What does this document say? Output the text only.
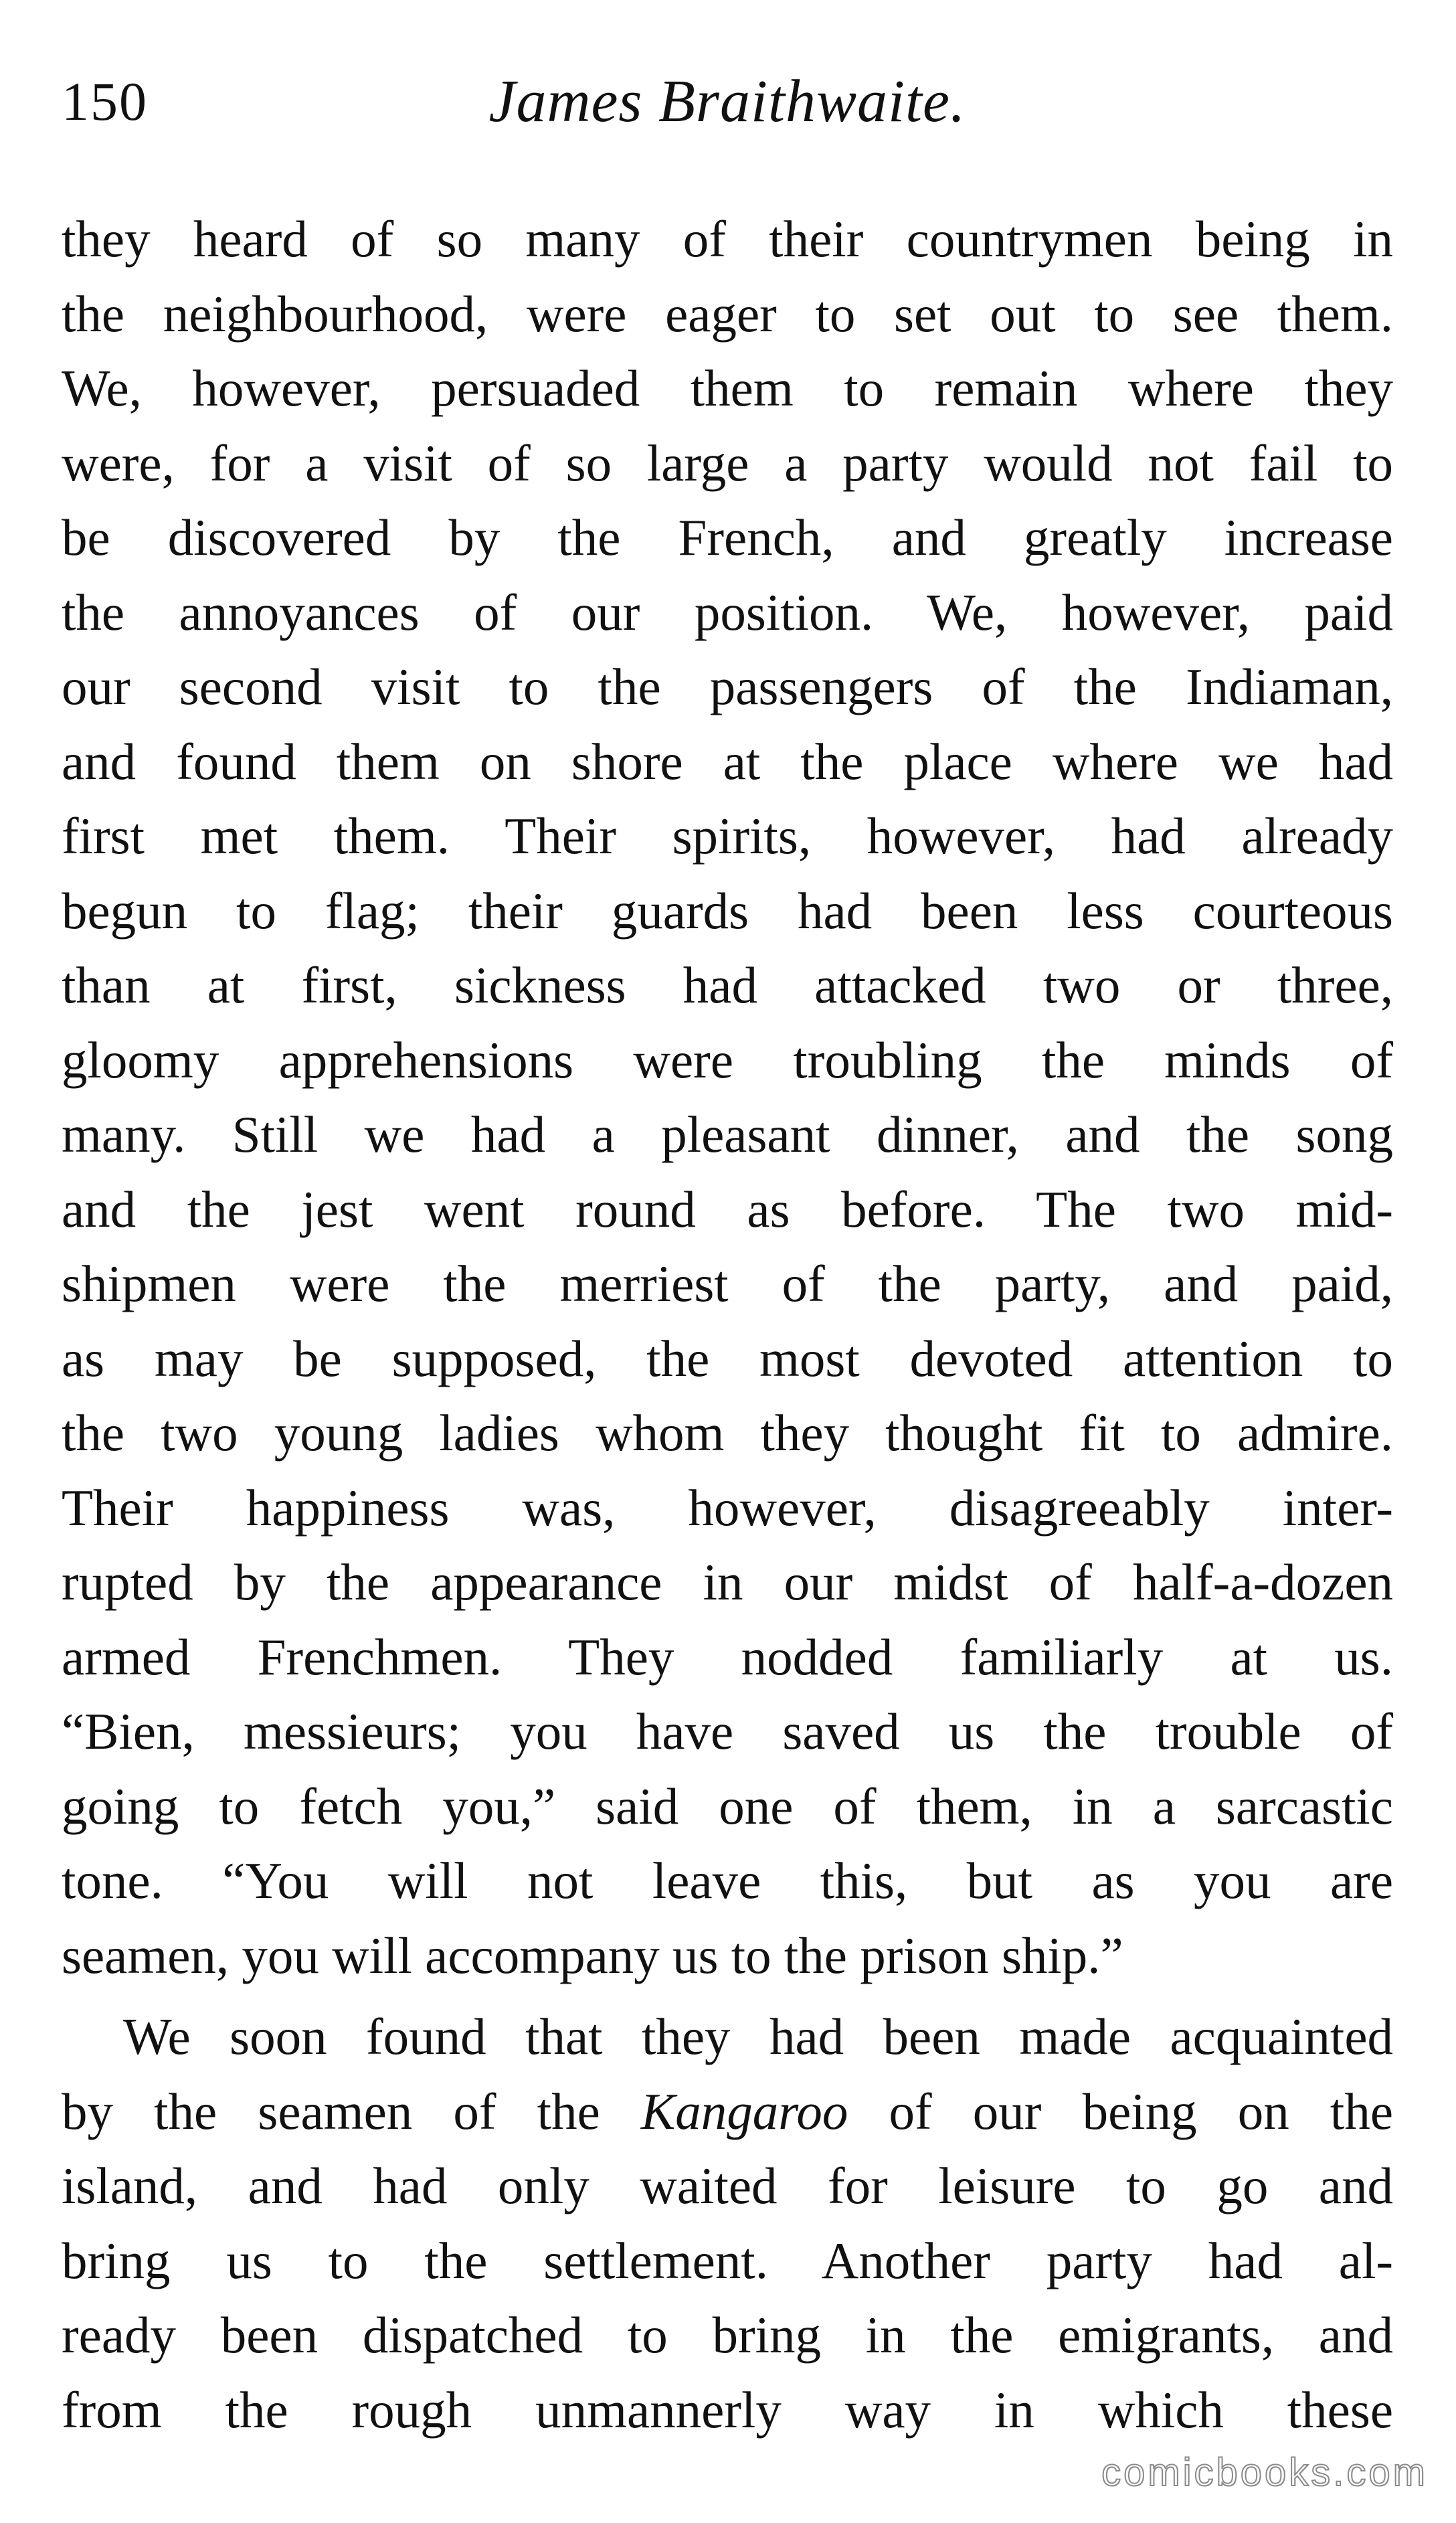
150	James Braithwaite.
they heard of so many of their countrymen being in
the neighbourhood, were eager to set out to see them.
We, however, persuaded them to remain where they
were, for a visit of so large a party would not fail to
be discovered by the French, and greatly increase
the annoyances of our position. We, however, paid
our second visit to the passengers of the Indiaman,
and found them on shore at the place where we had
first met them. Their spirits, however, had already
begun to flag; their guards had been less courteous
than at first, sickness had attacked two or three,
gloomy apprehensions were troubling the minds of
many. Still we had a pleasant dinner, and the song
and the jest went round as before. The two mid-
shipmen were the merriest of the party, and paid,
as may be supposed, the most devoted attention to
the two young ladies whom they thought fit to admire.
Their happiness was, however, disagreeably inter-
rupted by the appearance in our midst of half-a-dozen
armed Frenchmen. They nodded familiarly at us.
“Bien, messieurs; you have saved us the trouble of
going to fetch you,” said one of them, in a sarcastic
tone. “You will not leave this, but as you are
seamen, you will accompany us to the prison ship.”
We soon found that they had been made acquainted
by the seamen of the Kangaroo of our being on the
island, and had only waited for leisure to go and
bring us to the settlement. Another party had al-
ready been dispatched to bring in the emigrants, and
from the rough unmannerly way in which these
comicbooks.com
